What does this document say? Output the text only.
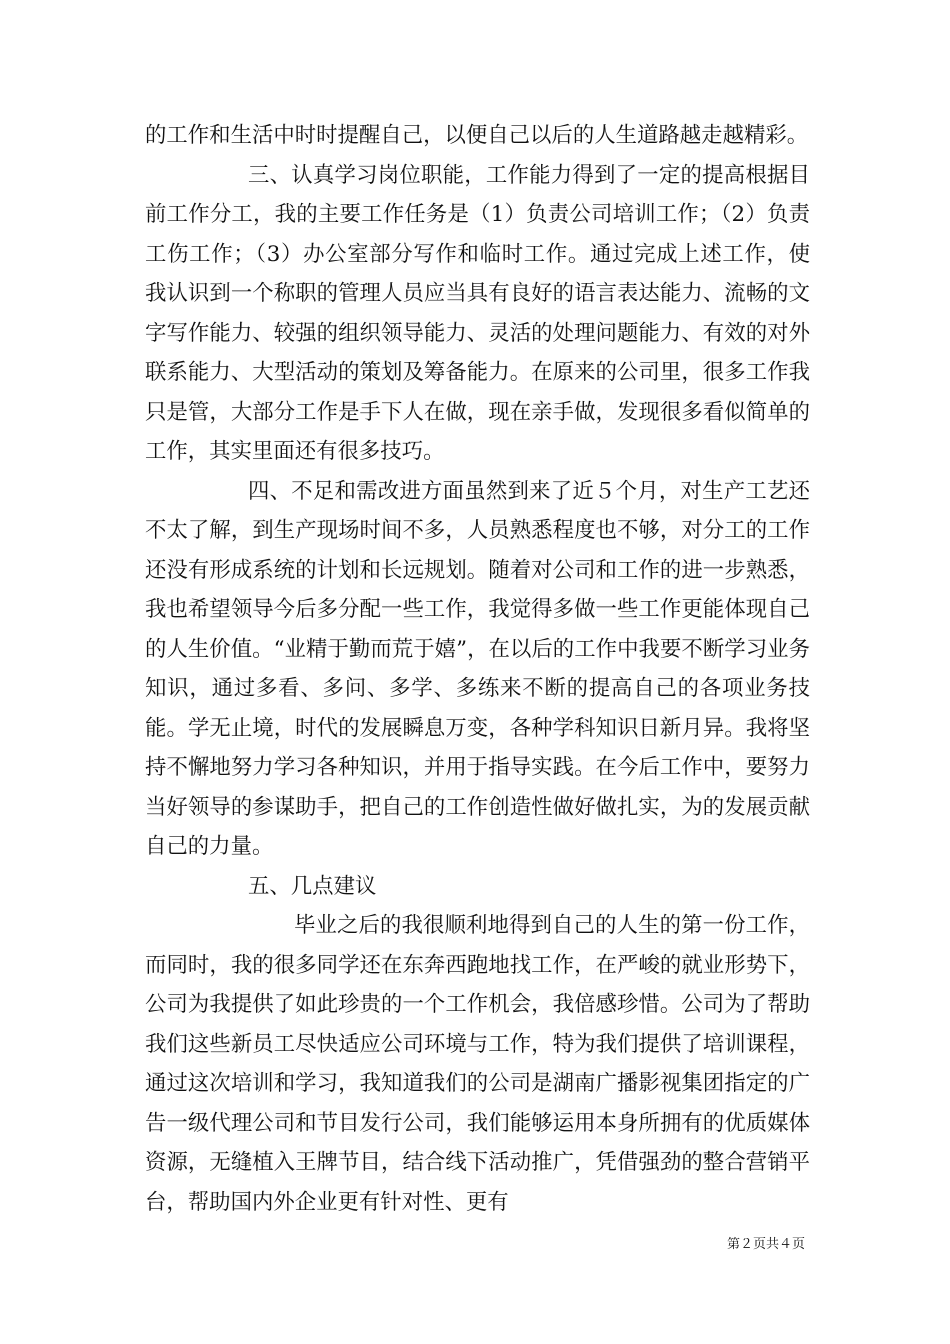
的工作和生活中时时提醒自己，以便自己以后的人生道路越走越精彩。

三、认真学习岗位职能，工作能力得到了一定的提高根据目前工作分工，我的主要工作任务是（1）负责公司培训工作；（2）负责工伤工作；（3）办公室部分写作和临时工作。通过完成上述工作，使我认识到一个称职的管理人员应当具有良好的语言表达能力、流畅的文字写作能力、较强的组织领导能力、灵活的处理问题能力、有效的对外联系能力、大型活动的策划及筹备能力。在原来的公司里，很多工作我只是管，大部分工作是手下人在做，现在亲手做，发现很多看似简单的工作，其实里面还有很多技巧。

四、不足和需改进方面虽然到来了近５个月，对生产工艺还不太了解，到生产现场时间不多，人员熟悉程度也不够，对分工的工作还没有形成系统的计划和长远规划。随着对公司和工作的进一步熟悉，我也希望领导今后多分配一些工作，我觉得多做一些工作更能体现自己的人生价值。“业精于勤而荒于嬉”，在以后的工作中我要不断学习业务知识，通过多看、多问、多学、多练来不断的提高自己的各项业务技能。学无止境，时代的发展瞬息万变，各种学科知识日新月异。我将坚持不懈地努力学习各种知识，并用于指导实践。在今后工作中，要努力当好领导的参谋助手，把自己的工作创造性做好做扎实，为的发展贡献自己的力量。

五、几点建议

毕业之后的我很顺利地得到自己的人生的第一份工作，而同时，我的很多同学还在东奔西跑地找工作，在严峻的就业形势下，公司为我提供了如此珍贵的一个工作机会，我倍感珍惜。公司为了帮助我们这些新员工尽快适应公司环境与工作，特为我们提供了培训课程，通过这次培训和学习，我知道我们的公司是湖南广播影视集团指定的广告一级代理公司和节目发行公司，我们能够运用本身所拥有的优质媒体资源，无缝植入王牌节目，结合线下活动推广，凭借强劲的整合营销平台，帮助国内外企业更有针对性、更有

第２页共４页
